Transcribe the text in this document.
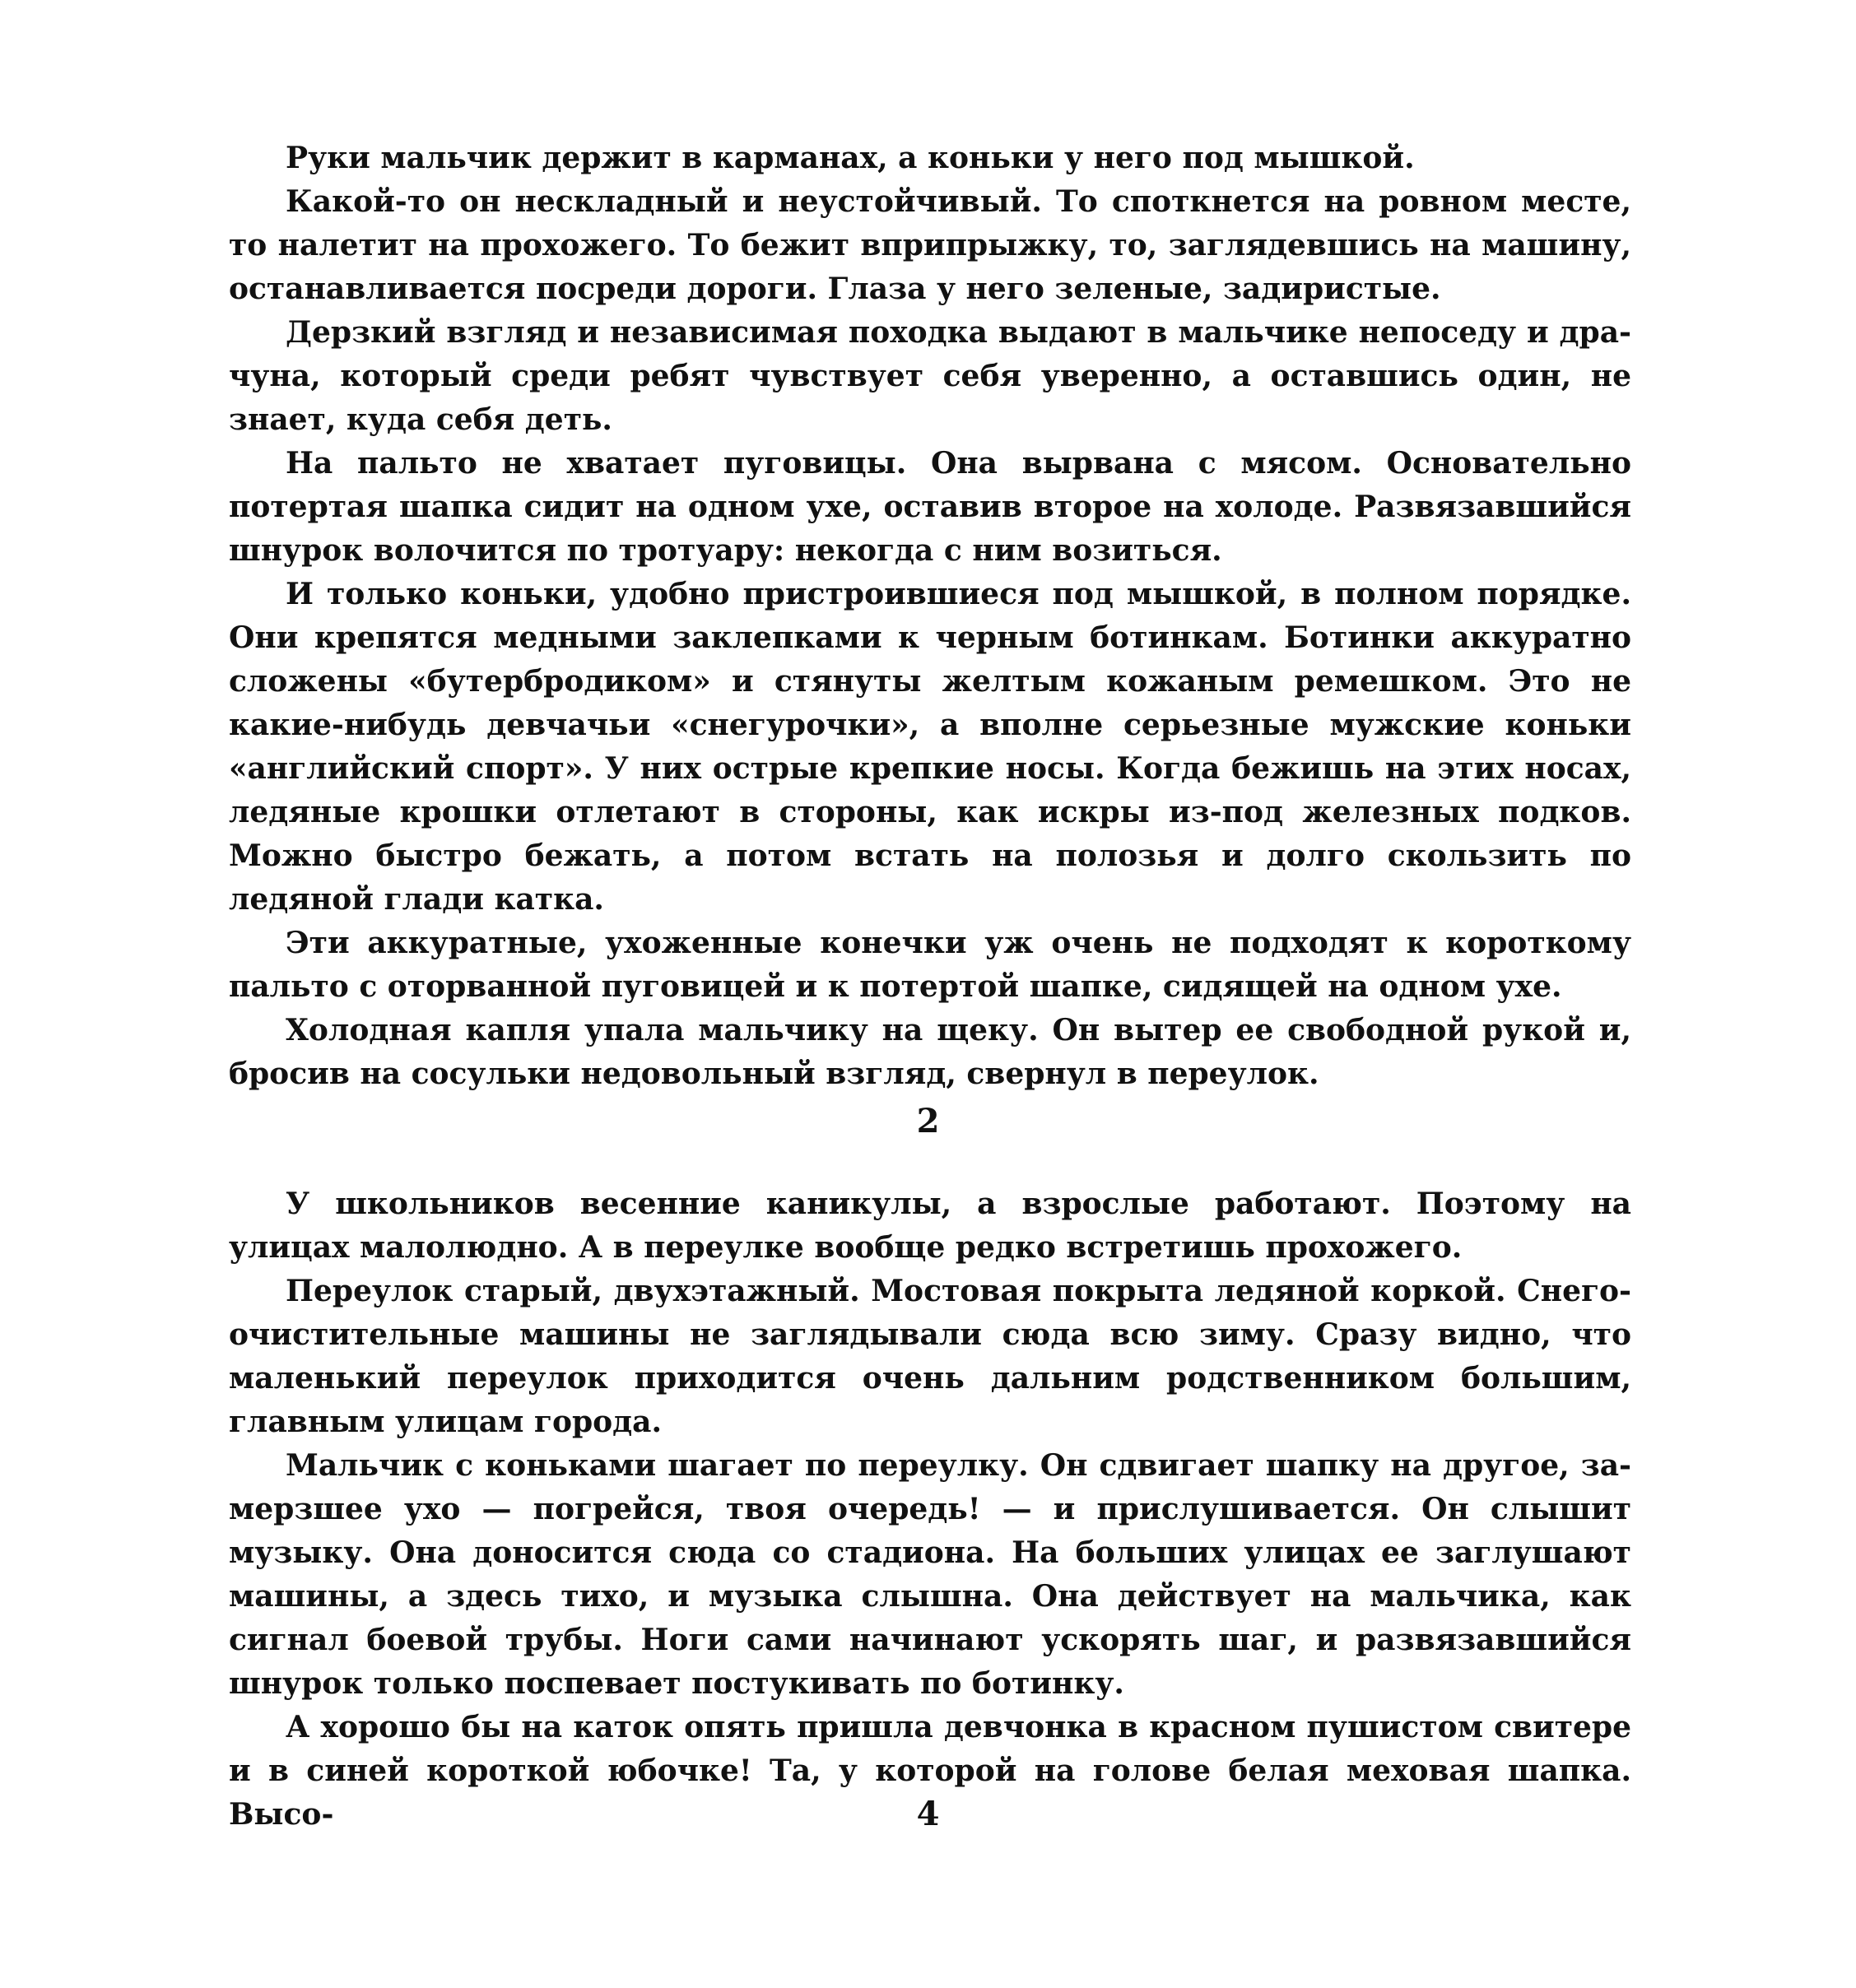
Руки мальчик держит в карманах, а коньки у него под мышкой.

Какой-то он нескладный и неустойчивый. То споткнется на ровном месте, то налетит на прохожего. То бежит вприпрыжку, то, заглядевшись на машину, останавливается посреди дороги. Глаза у него зеленые, задиристые.

Дерзкий взгляд и независимая походка выдают в мальчике непоседу и драчуна, который среди ребят чувствует себя уверенно, а оставшись один, не знает, куда себя деть.

На пальто не хватает пуговицы. Она вырвана с мясом. Основательно потертая шапка сидит на одном ухе, оставив второе на холоде. Развязавшийся шнурок волочится по тротуару: некогда с ним возиться.

И только коньки, удобно пристроившиеся под мышкой, в полном порядке. Они крепятся медными заклепками к черным ботинкам. Ботинки аккуратно сложены «бутербродиком» и стянуты желтым кожаным ремешком. Это не какие-нибудь девчачьи «снегурочки», а вполне серьезные мужские коньки «английский спорт». У них острые крепкие носы. Когда бежишь на этих носах, ледяные крошки отлетают в стороны, как искры из-под железных подков. Можно быстро бежать, а потом встать на полозья и долго скользить по ледяной глади катка.

Эти аккуратные, ухоженные конечки уж очень не подходят к короткому пальто с оторванной пуговицей и к потертой шапке, сидящей на одном ухе.

Холодная капля упала мальчику на щеку. Он вытер ее свободной рукой и, бросив на сосульки недовольный взгляд, свернул в переулок.

2

У школьников весенние каникулы, а взрослые работают. Поэтому на улицах малолюдно. А в переулке вообще редко встретишь прохожего.

Переулок старый, двухэтажный. Мостовая покрыта ледяной коркой. Снегоочистительные машины не заглядывали сюда всю зиму. Сразу видно, что маленький переулок приходится очень дальним родственником большим, главным улицам города.

Мальчик с коньками шагает по переулку. Он сдвигает шапку на другое, замерзшее ухо — погрейся, твоя очередь! — и прислушивается. Он слышит музыку. Она доносится сюда со стадиона. На больших улицах ее заглушают машины, а здесь тихо, и музыка слышна. Она действует на мальчика, как сигнал боевой трубы. Ноги сами начинают ускорять шаг, и развязавшийся шнурок только поспевает постукивать по ботинку.

А хорошо бы на каток опять пришла девчонка в красном пушистом свитере и в синей короткой юбочке! Та, у которой на голове белая меховая шапка. Высо-	4
